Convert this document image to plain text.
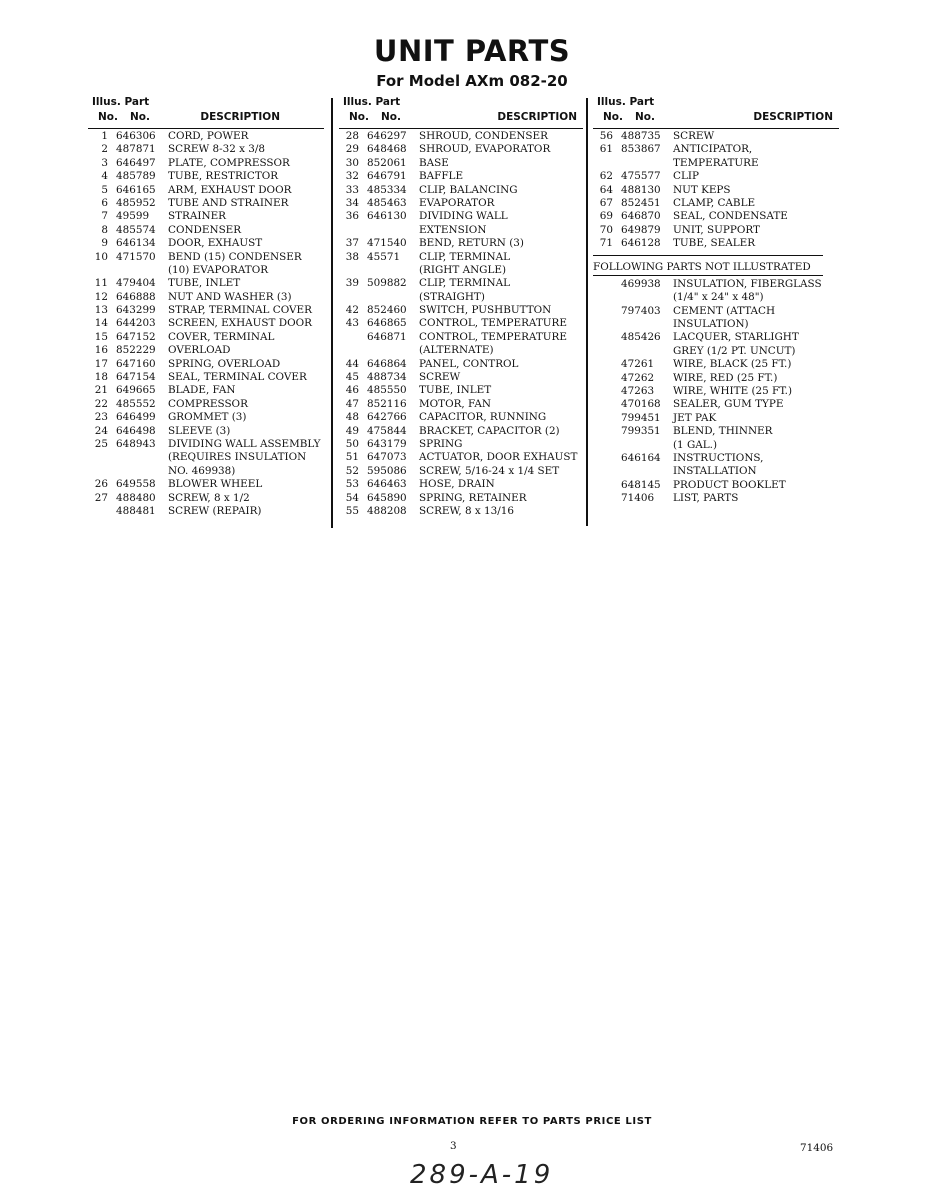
UNIT PARTS
For Model AXm 082-20
Illus. Part
No. No.	DESCRIPTION
1 646306	CORD, POWER
2 487871	SCREW 8-32 x 3/8
3 646497	PLATE, COMPRESSOR
4 485789	TUBE, RESTRICTOR
5 646165	ARM, EXHAUST DOOR
6 485952	TUBE AND STRAINER
7 49599	STRAINER
8 485574	CONDENSER
9 646134	DOOR, EXHAUST
10 471570	BEND (15) CONDENSER
(10) EVAPORATOR
11 479404	TUBE, INLET
12 646888	NUT AND WASHER (3)
13 643299	STRAP, TERMINAL COVER
14 644203	SCREEN, EXHAUST DOOR
15 647152	COVER, TERMINAL
16 852229	OVERLOAD
17 647160	SPRING, OVERLOAD
18 647154	SEAL, TERMINAL COVER
21 649665	BLADE, FAN
22 485552	COMPRESSOR
23 646499	GROMMET (3)
24 646498	SLEEVE (3)
25 648943	DIVIDING WALL ASSEMBLY
(REQUIRES INSULATION
NO. 469938)
26 649558	BLOWER WHEEL
27 488480	SCREW, 8 x 1/2
488481	SCREW (REPAIR)
Illus. Part
No. No.	DESCRIPTION
28 646297	SHROUD, CONDENSER
29 648468	SHROUD, EVAPORATOR
30 852061	BASE
32 646791	BAFFLE
33 485334	CLIP, BALANCING
34 485463	EVAPORATOR
36 646130	DIVIDING WALL
EXTENSION
37 471540	BEND, RETURN (3)
38 45571	CLIP, TERMINAL
(RIGHT ANGLE)
39 509882	CLIP, TERMINAL
(STRAIGHT)
42 852460	SWITCH, PUSHBUTTON
43 646865	CONTROL, TEMPERATURE
646871	CONTROL, TEMPERATURE
(ALTERNATE)
44 646864	PANEL, CONTROL
45 488734	SCREW
46 485550	TUBE, INLET
47 852116	MOTOR, FAN
48 642766	CAPACITOR, RUNNING
49 475844	BRACKET, CAPACITOR (2)
50 643179	SPRING
51 647073	ACTUATOR, DOOR EXHAUST
52 595086	SCREW, 5/16-24 x 1/4 SET
53 646463	HOSE, DRAIN
54 645890	SPRING, RETAINER
55 488208	SCREW, 8 x 13/16
Illus. Part
No. No.	DESCRIPTION
56 488735	SCREW
61 853867	ANTICIPATOR,
TEMPERATURE
62 475577	CLIP
64 488130	NUT KEPS
67 852451	CLAMP, CABLE
69 646870	SEAL, CONDENSATE
70 649879	UNIT, SUPPORT
71 646128	TUBE, SEALER
FOLLOWING PARTS NOT ILLUSTRATED
469938	INSULATION, FIBERGLASS
(1/4" x 24" x 48")
797403	CEMENT (ATTACH
INSULATION)
485426	LACQUER, STARLIGHT
GREY (1/2 PT. UNCUT)
47261	WIRE, BLACK (25 FT.)
47262	WIRE, RED (25 FT.)
47263	WIRE, WHITE (25 FT.)
470168	SEALER, GUM TYPE
799451	JET PAK
799351	BLEND, THINNER
(1 GAL.)
646164	INSTRUCTIONS,
INSTALLATION
648145	PRODUCT BOOKLET
71406	LIST, PARTS
FOR ORDERING INFORMATION REFER TO PARTS PRICE LIST
3	71406
289-A-19
